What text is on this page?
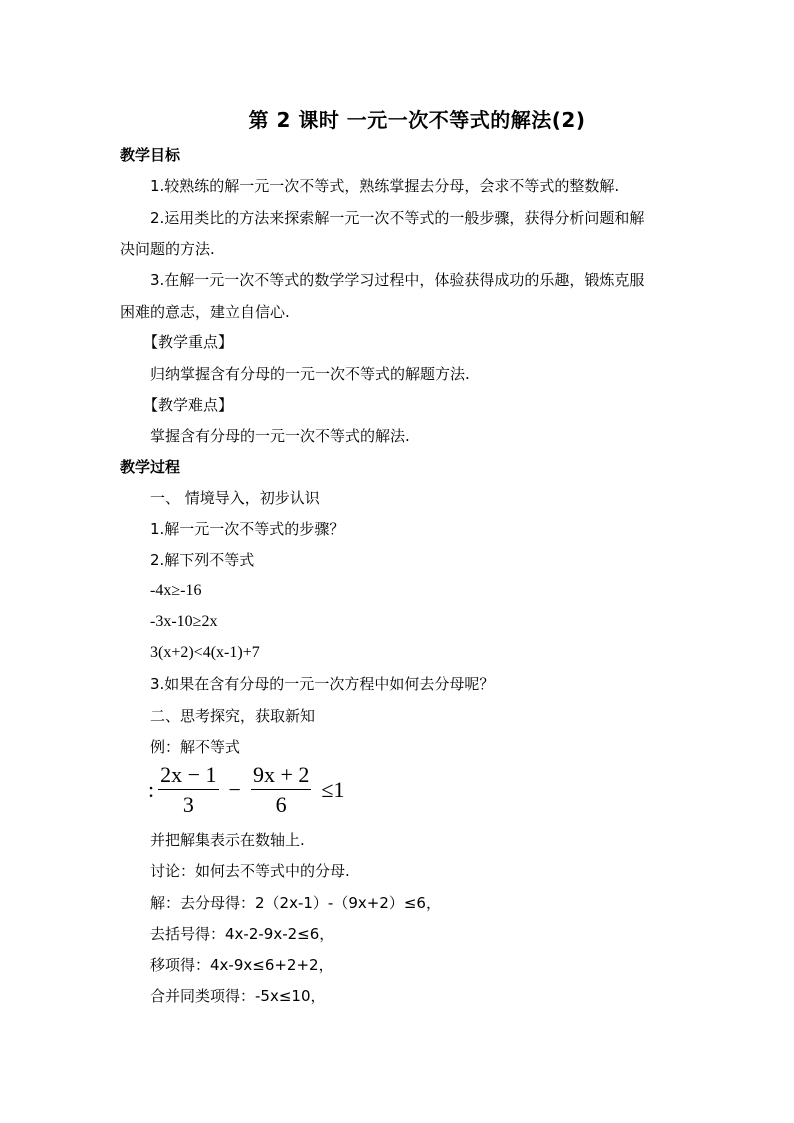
第 2 课时 一元一次不等式的解法(2)
教学目标
1.较熟练的解一元一次不等式，熟练掌握去分母，会求不等式的整数解.
2.运用类比的方法来探索解一元一次不等式的一般步骤，获得分析问题和解
决问题的方法.
3.在解一元一次不等式的数学学习过程中，体验获得成功的乐趣，锻炼克服
困难的意志，建立自信心.
【教学重点】
归纳掌握含有分母的一元一次不等式的解题方法.
【教学难点】
掌握含有分母的一元一次不等式的解法.
教学过程
一、 情境导入，初步认识
1.解一元一次不等式的步骤？
2.解下列不等式
-4x≥-16
-3x-10≥2x
3(x+2)<4(x-1)+7
3.如果在含有分母的一元一次方程中如何去分母呢？
二、思考探究，获取新知
例：解不等式
: $\frac{2x - 1}{3} - \frac{9x + 2}{6} \le 1$
并把解集表示在数轴上.
讨论：如何去不等式中的分母.
解：去分母得：2（2x-1）-（9x+2）≤6，
去括号得：4x-2-9x-2≤6，
移项得：4x-9x≤6+2+2，
合并同类项得：-5x≤10，
